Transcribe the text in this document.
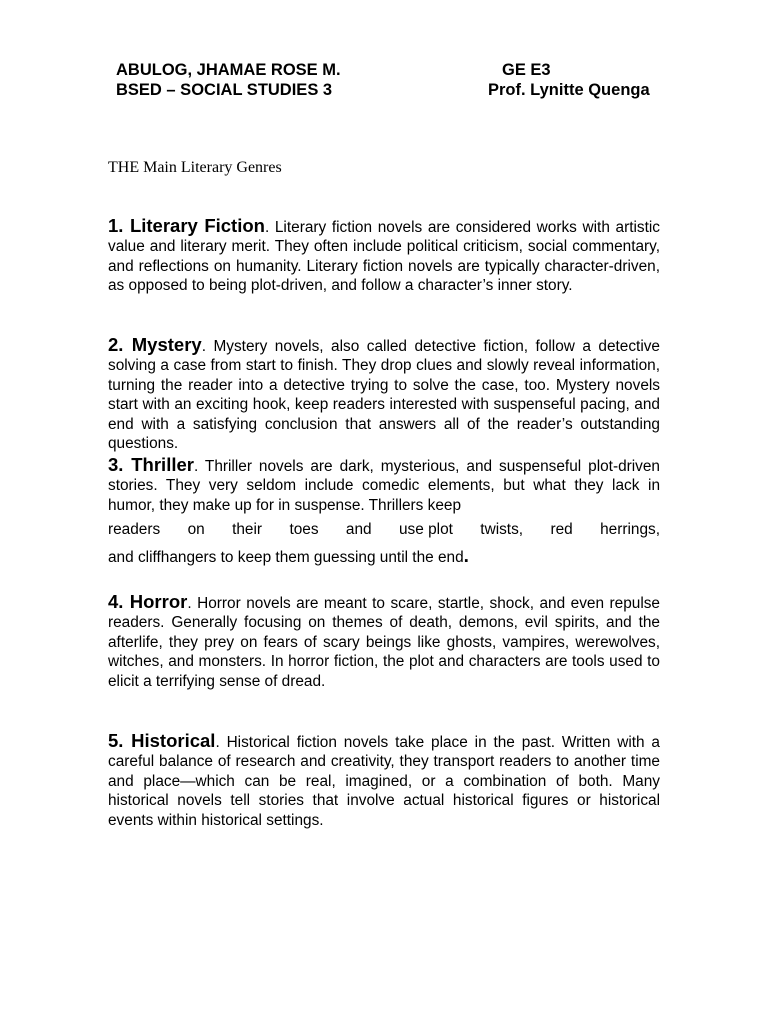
ABULOG, JHAMAE ROSE M.
BSED – SOCIAL STUDIES 3
GE E3
Prof. Lynitte Quenga
THE Main Literary Genres
1. Literary Fiction. Literary fiction novels are considered works with artistic value and literary merit. They often include political criticism, social commentary, and reflections on humanity. Literary fiction novels are typically character-driven, as opposed to being plot-driven, and follow a character’s inner story.
2. Mystery. Mystery novels, also called detective fiction, follow a detective solving a case from start to finish. They drop clues and slowly reveal information, turning the reader into a detective trying to solve the case, too. Mystery novels start with an exciting hook, keep readers interested with suspenseful pacing, and end with a satisfying conclusion that answers all of the reader’s outstanding questions.
3. Thriller. Thriller novels are dark, mysterious, and suspenseful plot-driven stories. They very seldom include comedic elements, but what they lack in humor, they make up for in suspense. Thrillers keep
readers on their toes and use plot twists, red herrings,
and cliffhangers to keep them guessing until the end.
4. Horror. Horror novels are meant to scare, startle, shock, and even repulse readers. Generally focusing on themes of death, demons, evil spirits, and the afterlife, they prey on fears of scary beings like ghosts, vampires, werewolves, witches, and monsters. In horror fiction, the plot and characters are tools used to elicit a terrifying sense of dread.
5. Historical. Historical fiction novels take place in the past. Written with a careful balance of research and creativity, they transport readers to another time and place—which can be real, imagined, or a combination of both. Many historical novels tell stories that involve actual historical figures or historical events within historical settings.
